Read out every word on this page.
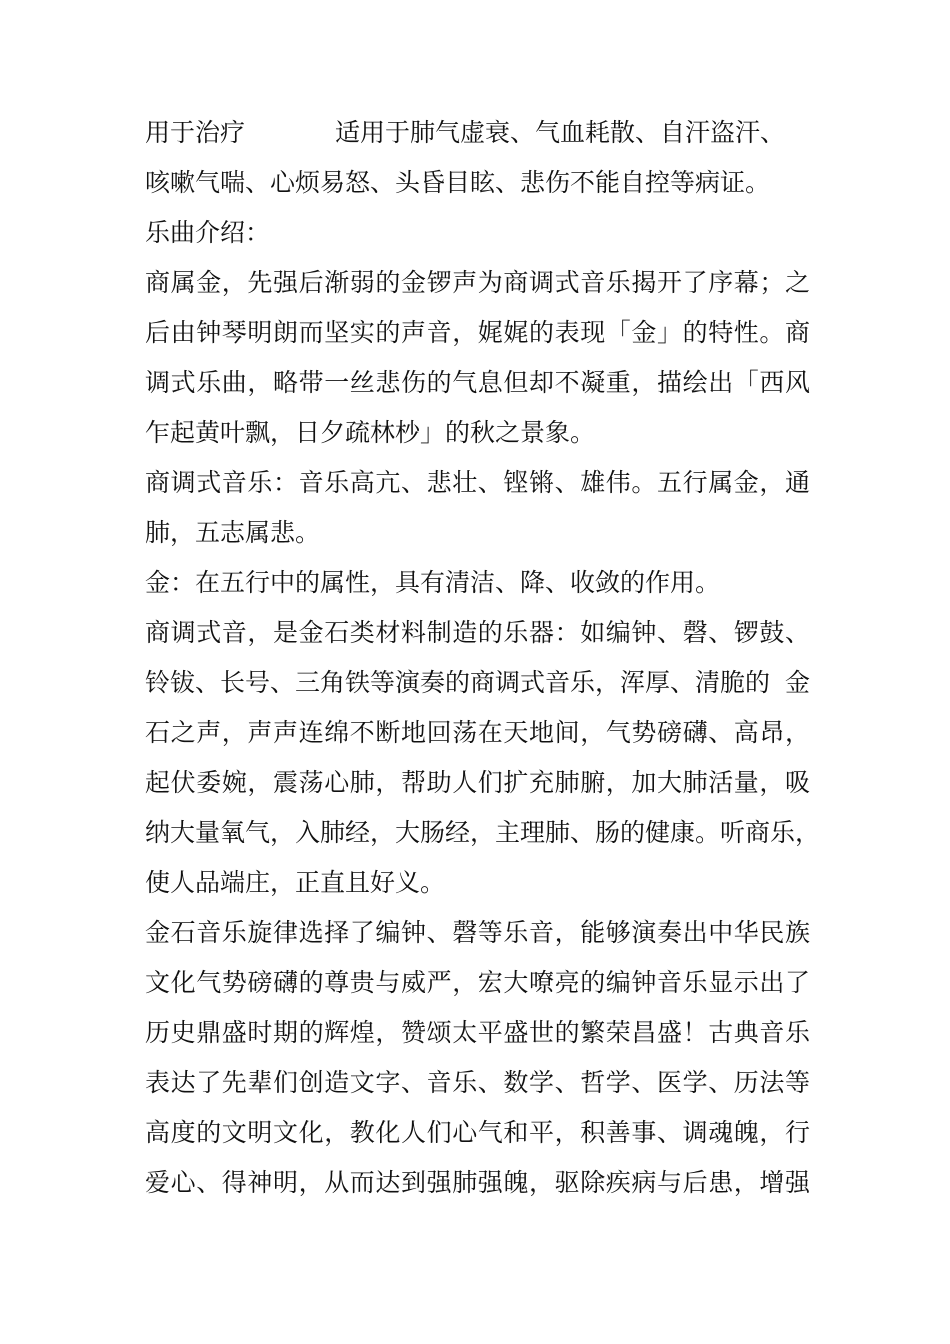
用于治疗	适用于肺气虚衰、气血耗散、自汗盗汗、
咳嗽气喘、心烦易怒、头昏目眩、悲伤不能自控等病证。
乐曲介绍：
商属金，先强后渐弱的金锣声为商调式音乐揭开了序幕；之
后由钟琴明朗而坚实的声音，娓娓的表现「金」的特性。商
调式乐曲，略带一丝悲伤的气息但却不凝重，描绘出「西风
乍起黄叶飘，日夕疏林杪」的秋之景象。
商调式音乐：音乐高亢、悲壮、铿锵、雄伟。五行属金，通
肺，五志属悲。
金：在五行中的属性，具有清洁、降、收敛的作用。
商调式音，是金石类材料制造的乐器：如编钟、磬、锣鼓、
铃钹、长号、三角铁等演奏的商调式音乐，浑厚、清脆的 金
石之声，声声连绵不断地回荡在天地间，气势磅礴、高昂，
起伏委婉，震荡心肺，帮助人们扩充肺腑，加大肺活量，吸
纳大量氧气，入肺经，大肠经，主理肺、肠的健康。听商乐，
使人品端庄，正直且好义。
金石音乐旋律选择了编钟、磬等乐音，能够演奏出中华民族
文化气势磅礴的尊贵与威严，宏大嘹亮的编钟音乐显示出了
历史鼎盛时期的辉煌，赞颂太平盛世的繁荣昌盛！古典音乐
表达了先辈们创造文字、音乐、数学、哲学、医学、历法等
高度的文明文化，教化人们心气和平，积善事、调魂魄，行
爱心、得神明，从而达到强肺强魄，驱除疾病与后患，增强
